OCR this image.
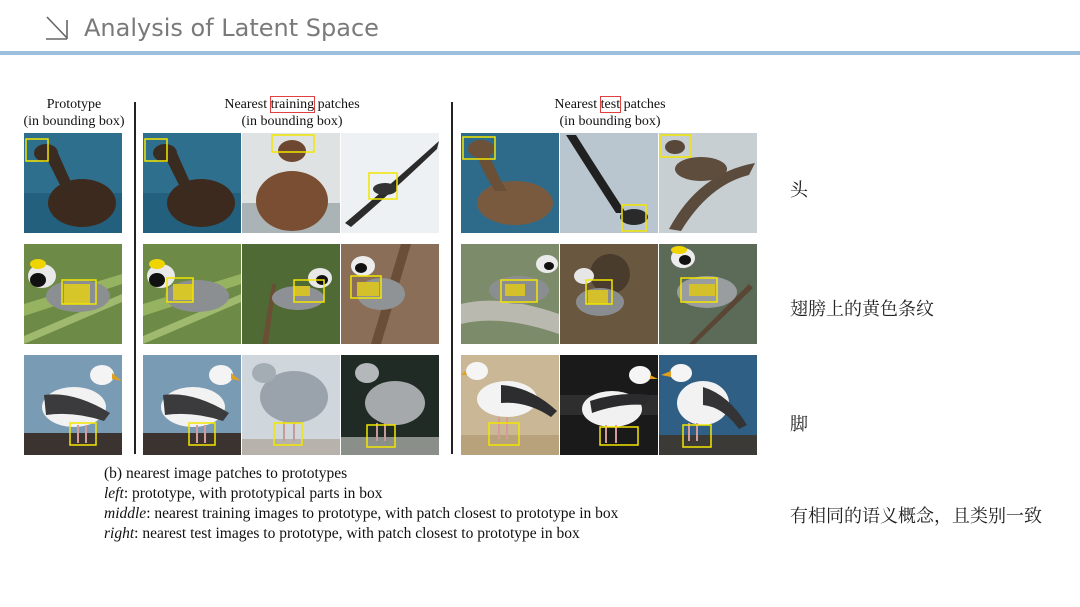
Analysis of Latent Space
Prototype
(in bounding box)
Nearest training patches
(in bounding box)
Nearest test patches
(in bounding box)
头
翅膀上的黄色条纹
脚
有相同的语义概念，且类别一致
(b) nearest image patches to prototypes
left: prototype, with prototypical parts in box
middle: nearest training images to prototype, with patch closest to prototype in box
right: nearest test images to prototype, with patch closest to prototype in box
